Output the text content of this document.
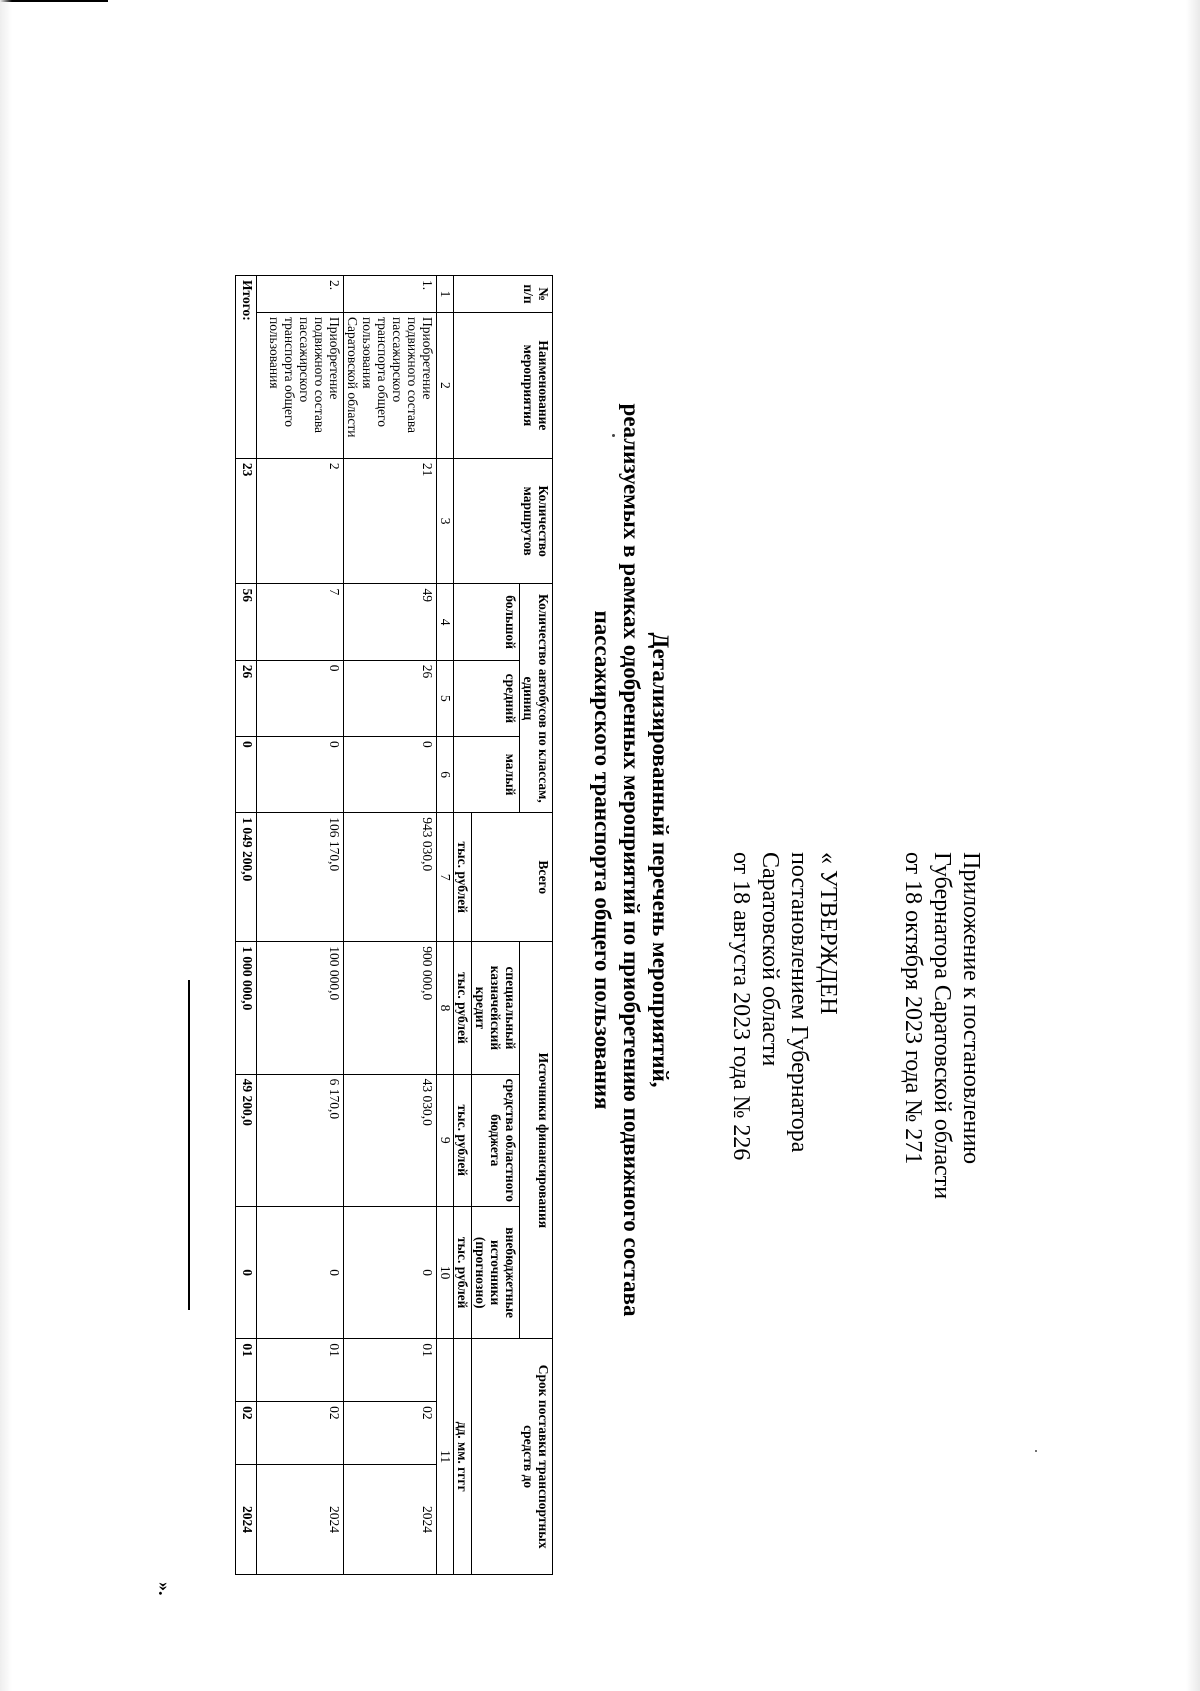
Приложение к постановлению
Губернатора Саратовской области
от 18 октября 2023 года № 271
« УТВЕРЖДЕН
постановлением Губернатора
Саратовской области
от 18 августа 2023 года № 226
Детализированный перечень мероприятий,
реализуемых в рамках одобренных мероприятий по приобретению подвижного состава
пассажирского транспорта общего пользования
№ п/п	Наименование мероприятия	Количество маршрутов	Количество автобусов по классам, единиц			Всего	Источники финансирования			Срок поставки транспортных средств до		
			большой	средний	малый		специальный казначейский кредит	средства областного бюджета	внебюджетные источники (прогнозно)			
						тыс. рублей	тыс. рублей	тыс. рублей	тыс. рублей	дд. мм. гггг		
1	2	3	4	5	6	7	8	9	10	11		
1.	Приобретение подвижного состава пассажирского транспорта общего пользования Саратовской области	21	49	26	0	943 030,0	900 000,0	43 030,0	0	01	02	2024
2.	Приобретение подвижного состава пассажирского транспорта общего пользования	2	7	0	0	106 170,0	100 000,0	6 170,0	0	01	02	2024
Итого:		23	56	26	0	1 049 200,0	1 000 000,0	49 200,0	0	01	02	2024
».
